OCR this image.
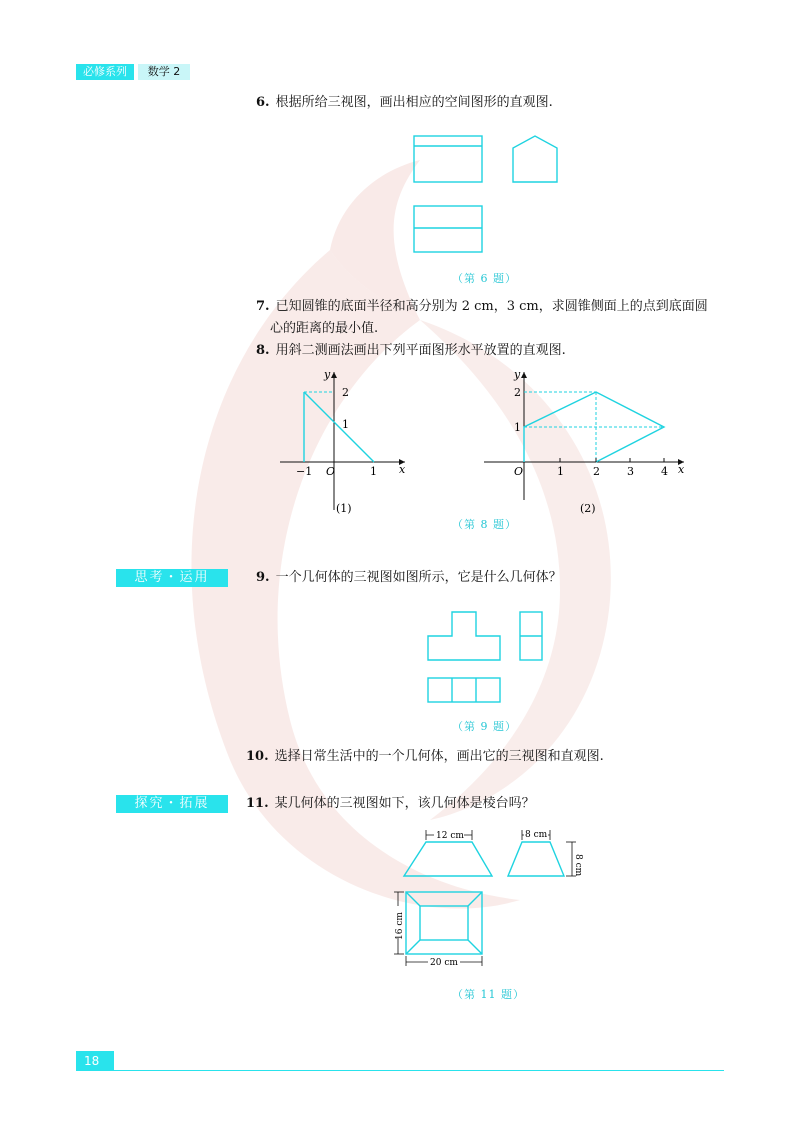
必修系列	数学 2
6. 根据所给三视图，画出相应的空间图形的直观图.
（第 6 题）
7. 已知圆锥的底面半径和高分别为 2 cm，3 cm，求圆锥侧面上的点到底面圆
心的距离的最小值.
8. 用斜二测画法画出下列平面图形水平放置的直观图.
y
x
2
1
−1 O	1
(1)
y
x
2
1
O	1	2 3 4
(2)
（第 8 题）
思考・运用	9. 一个几何体的三视图如图所示，它是什么几何体？
（第 9 题）
10. 选择日常生活中的一个几何体，画出它的三视图和直观图.
探究・拓展	11. 某几何体的三视图如下，该几何体是棱台吗？
12 cm	8 cm
8 cm
16 cm
20 cm
（第 11 题）
18
